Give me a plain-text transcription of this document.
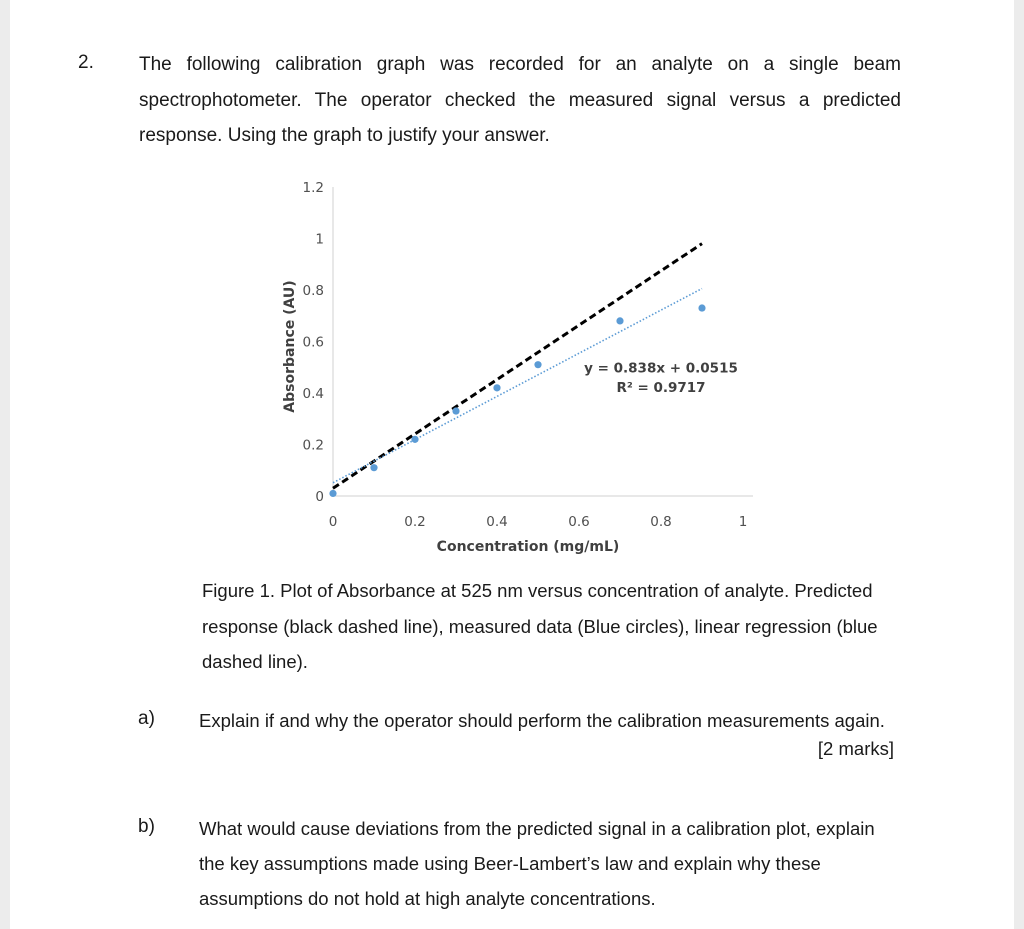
2. The following calibration graph was recorded for an analyte on a single beam spectrophotometer. The operator checked the measured signal versus a predicted response. Using the graph to justify your answer.
0	0.2	0.4	0.6	0.8	1
0
0.2
0.4
0.6
0.8
1
1.2
y = 0.838x + 0.0515
R² = 0.9717
Concentration (mg/mL)
Absorbance (AU)
Figure 1. Plot of Absorbance at 525 nm versus concentration of analyte. Predicted response (black dashed line), measured data (Blue circles), linear regression (blue dashed line).
a) Explain if and why the operator should perform the calibration measurements again.
[2 marks]
b) What would cause deviations from the predicted signal in a calibration plot, explain the key assumptions made using Beer-Lambert’s law and explain why these assumptions do not hold at high analyte concentrations.
